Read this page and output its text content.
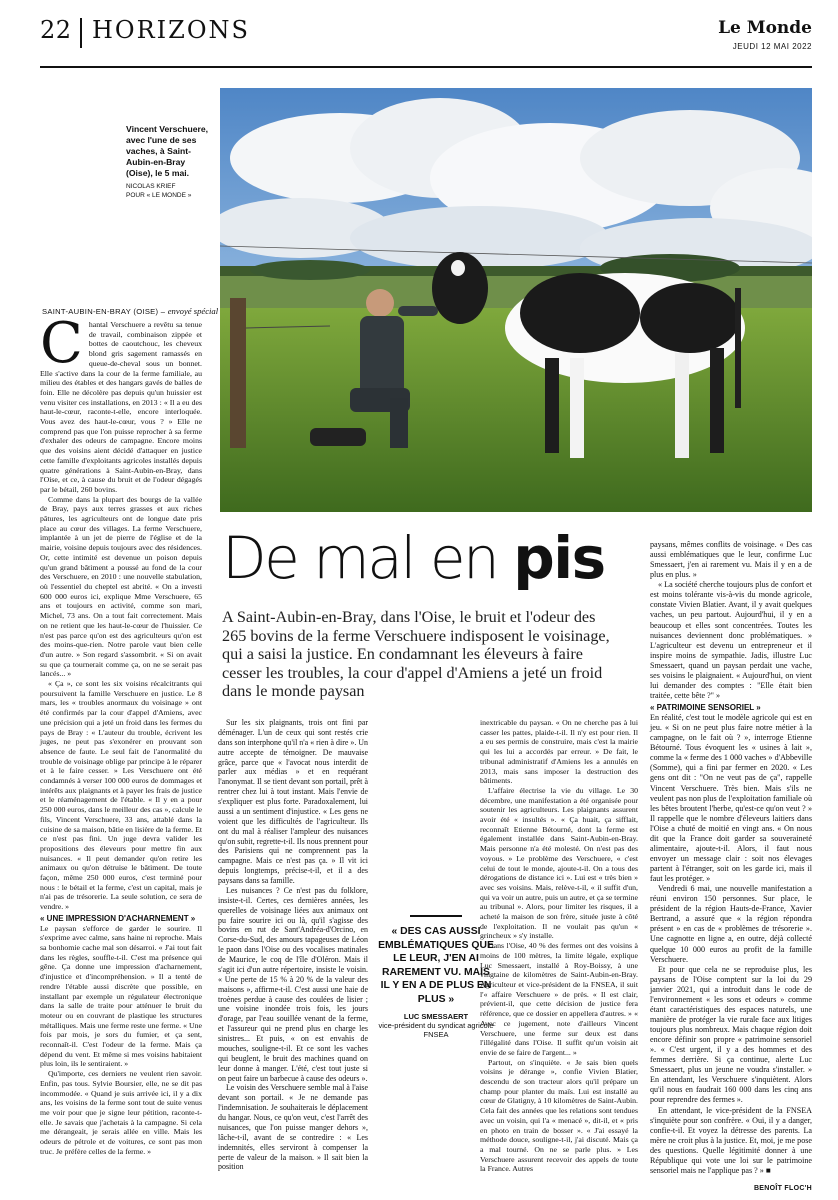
22 HORIZONS	Le Monde
JEUDI 12 MAI 2022
Vincent Verschuere, avec l'une de ses vaches, à Saint-Aubin-en-Bray (Oise), le 5 mai.
NICOLAS KRIEF
POUR « LE MONDE »
SAINT-AUBIN-EN-BRAY (OISE) – envoyé spécial

Chantal Verschuere a revêtu sa tenue de travail, combinaison zippée et bottes de caoutchouc, les cheveux blond gris sagement ramassés en queue-de-cheval sous un bonnet. Elle s'active dans la cour de la ferme familiale, au milieu des étables et des hangars gavés de balles de foin. Elle ne décolère pas depuis qu'un huissier est venu visiter ces installations, en 2013 : « Il a eu des haut-le-cœur, raconte-t-elle, encore interloquée. Vous avez des haut-le-cœur, vous ? » Elle ne comprend pas que l'on puisse reprocher à sa ferme d'exhaler des odeurs de campagne. Encore moins que des voisins aient décidé d'attaquer en justice cette famille d'exploitants agricoles installés depuis quatre générations à Saint-Aubin-en-Bray, dans l'Oise, et ce, à cause du bruit et de l'odeur dégagés par le bétail, 260 bovins.

Comme dans la plupart des bourgs de la vallée de Bray, pays aux terres grasses et aux riches pâtures, les agriculteurs ont de longue date pris place au cœur des villages. La ferme Verschuere, implantée à un jet de pierre de l'église et de la mairie, voisine depuis toujours avec des résidences. Or, cette intimité est devenue un poison depuis qu'un grand bâtiment a poussé au fond de la cour des Verschuere, en 2010 : une nouvelle stabulation, où l'essentiel du cheptel est abrité. « On a investi 600 000 euros ici, explique Mme Verschuere, 65 ans et toujours en activité, comme son mari, Michel, 73 ans. On a tout fait correctement. Mais on ne retient que les haut-le-cœur de l'huissier. Ce n'est pas parce qu'on est des agriculteurs qu'on est des moins-que-rien. Notre parole vaut bien celle d'un autre. » Son regard s'assombrit. « Si on avait su que ça tournerait comme ça, on ne se serait pas lancés... »

« Ça », ce sont les six voisins récalcitrants qui poursuivent la famille Verschuere en justice. Le 8 mars, les « troubles anormaux du voisinage » ont été confirmés par la cour d'appel d'Amiens, avec une précision qui a jeté un froid dans les fermes du pays de Bray : « L'auteur du trouble, écrivent les juges, ne peut pas s'exonérer en prouvant son absence de faute. Le seul fait de l'anormalité du trouble de voisinage oblige par principe à le réparer et à le faire cesser. » Les Verschuere ont été condamnés à verser 100 000 euros de dommages et intérêts aux plaignants et à payer les frais de justice et le réaménagement de l'étable. « Il y en a pour 250 000 euros, dans le meilleur des cas », calcule le fils, Vincent Verschuere, 33 ans, attablé dans la cuisine de sa maison, bâtie en lisière de la ferme. Et ce n'est pas fini. Un juge devra valider les propositions des éleveurs pour mettre fin aux nuisances. « Il peut demander qu'on retire les animaux ou qu'on détruise le bâtiment. De toute façon, même 250 000 euros, c'est terminé pour nous : le bétail et la ferme, c'est un capital, mais je n'ai pas de trésorerie. La seule solution, ce sera de vendre. »

« UNE IMPRESSION D'ACHARNEMENT »

Le paysan s'efforce de garder le sourire. Il s'exprime avec calme, sans haine ni reproche. Mais sa bonhomie cache mal son désarroi. « J'ai tout fait dans les règles, souffle-t-il. C'est ma présence qui gêne. Ça donne une impression d'acharnement, d'injustice et d'incompréhension. » Il a tenté de rendre l'étable aussi discrète que possible, en installant par exemple un régulateur électronique dans la salle de traite pour atténuer le bruit du moteur ou en couvrant de plastique les structures métalliques. Mais une ferme reste une ferme. « Une fois par mois, je sors du fumier, et ça sent, reconnaît-il. C'est l'odeur de la ferme. Mais ça dépend du vent. Et même si mes voisins habitaient plus loin, ils le sentiraient. »

Qu'importe, ces derniers ne veulent rien savoir. Enfin, pas tous. Sylvie Boursier, elle, ne se dit pas incommodée. « Quand je suis arrivée ici, il y a dix ans, les voisins de la ferme sont tout de suite venus me voir pour que je signe leur pétition, raconte-t-elle. Je savais que j'achetais à la campagne. Si cela me dérangeait, je serais allée en ville. Mais les odeurs de pétrole et de voitures, ce sont pas mon truc. Je préfère celles de la ferme. »

De mal en pis
A Saint-Aubin-en-Bray, dans l'Oise, le bruit et l'odeur des 265 bovins de la ferme Verschuere indisposent le voisinage, qui a saisi la justice. En condamnant les éleveurs à faire cesser les troubles, la cour d'appel d'Amiens a jeté un froid dans le monde paysan

Sur les six plaignants, trois ont fini par déménager. L'un de ceux qui sont restés crie dans son interphone qu'il n'a « rien à dire ». Un autre accepte de témoigner. De mauvaise grâce, parce que « l'avocat nous interdit de parler aux médias » et en requérant l'anonymat. Il se tient devant son portail, prêt à rentrer chez lui à tout instant. Mais l'envie de s'expliquer est plus forte. Paradoxalement, lui aussi a un sentiment d'injustice. « Les gens ne voient que les difficultés de l'agriculteur. Ils ont du mal à réaliser l'ampleur des nuisances qu'on subit, regrette-t-il. Ils nous prennent pour des Parisiens qui ne comprennent pas la campagne. Mais ce n'est pas ça. » Il vit ici depuis longtemps, précise-t-il, et il a des paysans dans sa famille.

Les nuisances ? Ce n'est pas du folklore, insiste-t-il. Certes, ces dernières années, les querelles de voisinage liées aux animaux ont pu faire sourire ici ou là, qu'il s'agisse des bovins en rut de Sant'Andréa-d'Orcino, en Corse-du-Sud, des amours tapageuses de Léon le paon dans l'Oise ou des vocalises matinales de Maurice, le coq de l'île d'Oléron. Mais il s'agit ici d'un autre répertoire, insiste le voisin. « Une perte de 15 % à 20 % de la valeur des maisons », affirme-t-il. C'est aussi une haie de troènes perdue à cause des coulées de lisier ; une voisine inondée trois fois, les jours d'orage, par l'eau souillée venant de la ferme, et l'assureur qui ne prend plus en charge les sinistres... Et puis, « on est envahis de mouches, souligne-t-il. Et ce sont les vaches qui beuglent, le bruit des machines quand on leur donne à manger. L'été, c'est tout juste si on peut faire un barbecue à cause des odeurs ».

Le voisin des Verschuere semble mal à l'aise devant son portail. « Je ne demande pas l'indemnisation. Je souhaiterais le déplacement du hangar. Nous, ce qu'on veut, c'est l'arrêt des nuisances, que l'on puisse manger dehors », lâche-t-il, avant de se contredire : « Les indemnités, elles serviront à compenser la perte de valeur de la maison. » Il sait bien la position

« DES CAS AUSSI EMBLÉMATIQUES QUE LE LEUR, J'EN AI RAREMENT VU. MAIS IL Y EN A DE PLUS EN PLUS »
LUC SMESSAERT
vice-président du syndicat agricole FNSEA

inextricable du paysan. « On ne cherche pas à lui casser les pattes, plaide-t-il. Il n'y est pour rien. Il a eu ses permis de construire, mais c'est la mairie qui les lui a accordés par erreur. » De fait, le tribunal administratif d'Amiens les a annulés en 2013, mais sans imposer la destruction des bâtiments.

L'affaire électrise la vie du village. Le 30 décembre, une manifestation a été organisée pour soutenir les agriculteurs. Les plaignants assurent avoir été « insultés ». « Ça huait, ça sifflait, reconnaît Etienne Bétourné, dont la ferme est également installée dans Saint-Aubin-en-Bray. Mais personne n'a été molesté. On n'est pas des voyous. » Le problème des Verschuere, « c'est celui de tout le monde, ajoute-t-il. On a tous des dérogations de distance ici ». Lui est « très bien » avec ses voisins. Mais, relève-t-il, « il suffit d'un, qui va voir un autre, puis un autre, et ça se termine au tribunal ». Alors, pour limiter les risques, il a acheté la maison de son frère, située juste à côté de l'exploitation. Il ne voulait pas qu'un « grincheux » s'y installe.

Dans l'Oise, 40 % des fermes ont des voisins à moins de 100 mètres, la limite légale, explique Luc Smessaert, installé à Roy-Boissy, à une vingtaine de kilomètres de Saint-Aubin-en-Bray. Agriculteur et vice-président de la FNSEA, il suit l'« affaire Verschuere » de près. « Il est clair, prévient-il, que cette décision de justice fera référence, que ce dossier en appellera d'autres. » « Avec ce jugement, note d'ailleurs Vincent Verschuere, une ferme sur deux est dans l'illégalité dans l'Oise. Il suffit qu'un voisin ait envie de se faire de l'argent... »

Partout, on s'inquiète. « Je sais bien quels voisins je dérange », confie Vivien Blatier, descendu de son tracteur alors qu'il prépare un champ pour planter du maïs. Lui est installé au cœur de Glatigny, à 10 kilomètres de Saint-Aubin. Cela fait des années que les relations sont tendues avec un voisin, qui l'a « menacé », dit-il, et « pris en photo en train de bosser ». « J'ai essayé la méthode douce, souligne-t-il, j'ai discuté. Mais ça a mal tourné. On ne se parle plus. » Les Verschuere assurent recevoir des appels de toute la France. Autres

paysans, mêmes conflits de voisinage. « Des cas aussi emblématiques que le leur, confirme Luc Smessaert, j'en ai rarement vu. Mais il y en a de plus en plus. »

« La société cherche toujours plus de confort et est moins tolérante vis-à-vis du monde agricole, constate Vivien Blatier. Avant, il y avait quelques vaches, un peu partout. Aujourd'hui, il y en a beaucoup et elles sont concentrées. Toutes les nuisances deviennent donc problématiques. » L'agriculteur est devenu un entrepreneur et il inspire moins de sympathie. Jadis, illustre Luc Smessaert, quand un paysan perdait une vache, ses voisins le plaignaient. « Aujourd'hui, on vient lui demander des comptes : "Elle était bien traitée, cette bête ?" »

« PATRIMOINE SENSORIEL »

En réalité, c'est tout le modèle agricole qui est en jeu. « Si on ne peut plus faire notre métier à la campagne, on le fait où ? », interroge Etienne Bétourné. Tous évoquent les « usines à lait », comme la « ferme des 1 000 vaches » d'Abbeville (Somme), qui a fini par fermer en 2020. « Les gens ont dit : "On ne veut pas de ça", rappelle Vincent Verschuere. Très bien. Mais s'ils ne veulent pas non plus de l'exploitation familiale où les bêtes broutent l'herbe, qu'est-ce qu'on veut ? » Il rappelle que le nombre d'éleveurs laitiers dans l'Oise a chuté de moitié en vingt ans. « On nous dit que la France doit garder sa souveraineté alimentaire, ajoute-t-il. Alors, il faut nous envoyer un message clair : soit nos élevages partent à l'étranger, soit on les garde ici, mais il faut les protéger. »

Vendredi 6 mai, une nouvelle manifestation a réuni environ 150 personnes. Sur place, le président de la région Hauts-de-France, Xavier Bertrand, a assuré que « la région répondra présent » en cas de « problèmes de trésorerie ». Une cagnotte en ligne a, en outre, déjà collecté quelque 10 000 euros au profit de la famille Verschuere.

Et pour que cela ne se reproduise plus, les paysans de l'Oise comptent sur la loi du 29 janvier 2021, qui a introduit dans le code de l'environnement « les sons et odeurs » comme étant caractéristiques des espaces naturels, une manière de protéger la vie rurale face aux litiges toujours plus nombreux. Mais chaque région doit encore définir son propre « patrimoine sensoriel ». « C'est urgent, il y a des hommes et des femmes derrière. Si ça continue, alerte Luc Smessaert, plus un jeune ne voudra s'installer. » En attendant, les Verschuere s'inquiètent. Alors qu'il nous en faudrait 160 000 dans les cinq ans pour reprendre des fermes ».

En attendant, le vice-président de la FNSEA s'inquiète pour son confrère. « Oui, il y a danger, confie-t-il. Et voyez la détresse des parents. La mère ne croit plus à la justice. Et, moi, je me pose des questions. Quelle légitimité donner à une République qui vote une loi sur le patrimoine sensoriel mais ne l'applique pas ? » ■

BENOÎT FLOC'H
